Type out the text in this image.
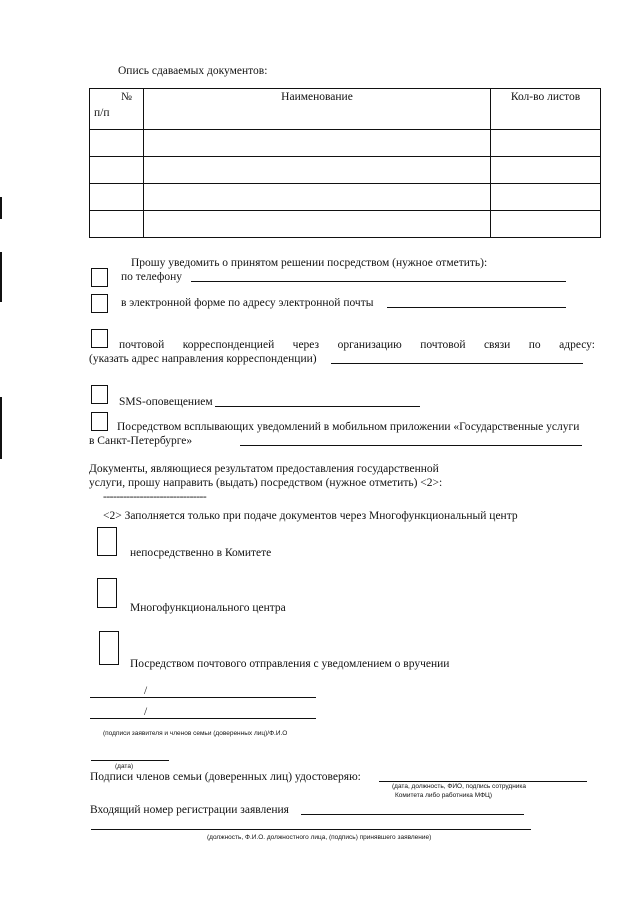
Опись сдаваемых документов:
№
п/п	Наименование	Кол-во листов

Прошу уведомить о принятом решении посредством (нужное отметить):
по телефону
в электронной форме по адресу электронной почты
почтовой корреспонденцией через организацию почтовой связи по адресу:
(указать адрес направления корреспонденции)
SMS-оповещением
Посредством всплывающих уведомлений в мобильном приложении «Государственные услуги
в Санкт-Петербурге»
Документы, являющиеся результатом предоставления государственной
услуги, прошу направить (выдать) посредством (нужное отметить) <2>:
-------------------------------
<2> Заполняется только при подаче документов через Многофункциональный центр
непосредственно в Комитете
Многофункционального центра
Посредством почтового отправления с уведомлением о вручении
/
/
(подписи заявителя и членов семьи (доверенных лиц)/Ф.И.О
(дата)
Подписи членов семьи (доверенных лиц) удостоверяю:
(дата, должность, ФИО, подпись сотрудника
Комитета либо работника МФЦ)
Входящий номер регистрации заявления
(должность, Ф.И.О. должностного лица, (подпись) принявшего заявление)
